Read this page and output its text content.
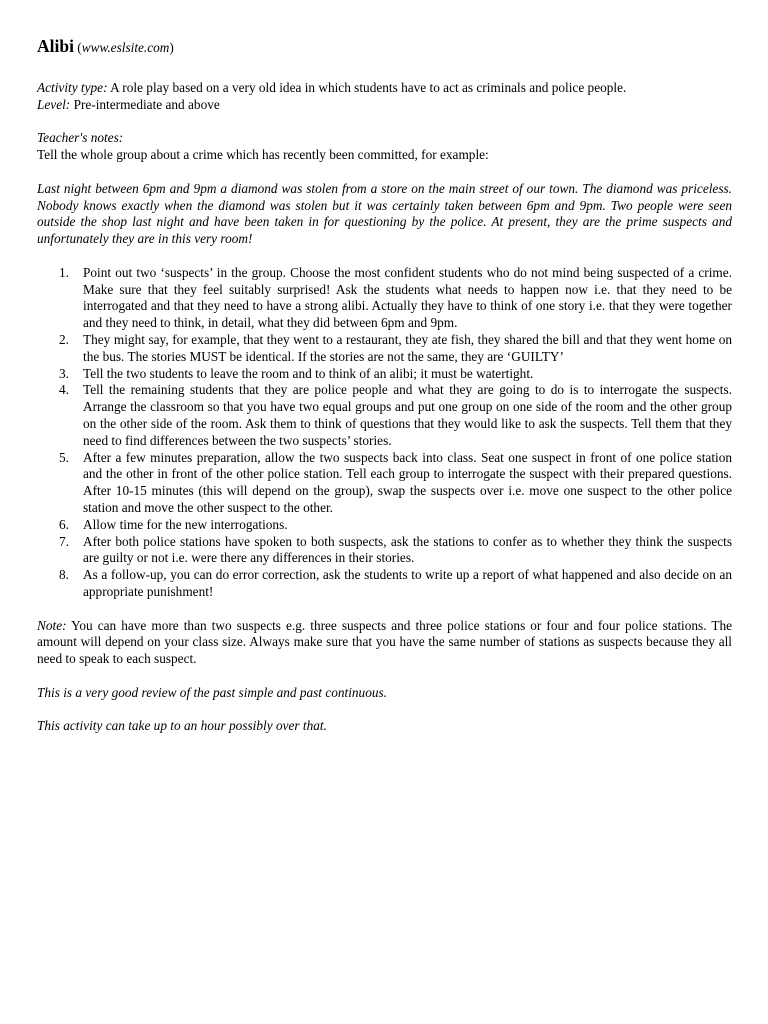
Alibi (www.eslsite.com)

Activity type: A role play based on a very old idea in which students have to act as criminals and police people.

Level: Pre-intermediate and above

Teacher's notes:

Tell the whole group about a crime which has recently been committed, for example:

Last night between 6pm and 9pm a diamond was stolen from a store on the main street of our town. The diamond was priceless. Nobody knows exactly when the diamond was stolen but it was certainly taken between 6pm and 9pm. Two people were seen outside the shop last night and have been taken in for questioning by the police. At present, they are the prime suspects and unfortunately they are in this very room!

1. Point out two ‘suspects’ in the group. Choose the most confident students who do not mind being suspected of a crime. Make sure that they feel suitably surprised! Ask the students what needs to happen now i.e. that they need to be interrogated and that they need to have a strong alibi. Actually they have to think of one story i.e. that they were together and they need to think, in detail, what they did between 6pm and 9pm.
2. They might say, for example, that they went to a restaurant, they ate fish, they shared the bill and that they went home on the bus. The stories MUST be identical. If the stories are not the same, they are ‘GUILTY’
3. Tell the two students to leave the room and to think of an alibi; it must be watertight.
4. Tell the remaining students that they are police people and what they are going to do is to interrogate the suspects. Arrange the classroom so that you have two equal groups and put one group on one side of the room and the other group on the other side of the room. Ask them to think of questions that they would like to ask the suspects. Tell them that they need to find differences between the two suspects’ stories.
5. After a few minutes preparation, allow the two suspects back into class. Seat one suspect in front of one police station and the other in front of the other police station. Tell each group to interrogate the suspect with their prepared questions. After 10-15 minutes (this will depend on the group), swap the suspects over i.e. move one suspect to the other police station and move the other suspect to the other.
6. Allow time for the new interrogations.
7. After both police stations have spoken to both suspects, ask the stations to confer as to whether they think the suspects are guilty or not i.e. were there any differences in their stories.
8. As a follow-up, you can do error correction, ask the students to write up a report of what happened and also decide on an appropriate punishment!

Note: You can have more than two suspects e.g. three suspects and three police stations or four and four police stations. The amount will depend on your class size. Always make sure that you have the same number of stations as suspects because they all need to speak to each suspect.

This is a very good review of the past simple and past continuous.

This activity can take up to an hour possibly over that.
